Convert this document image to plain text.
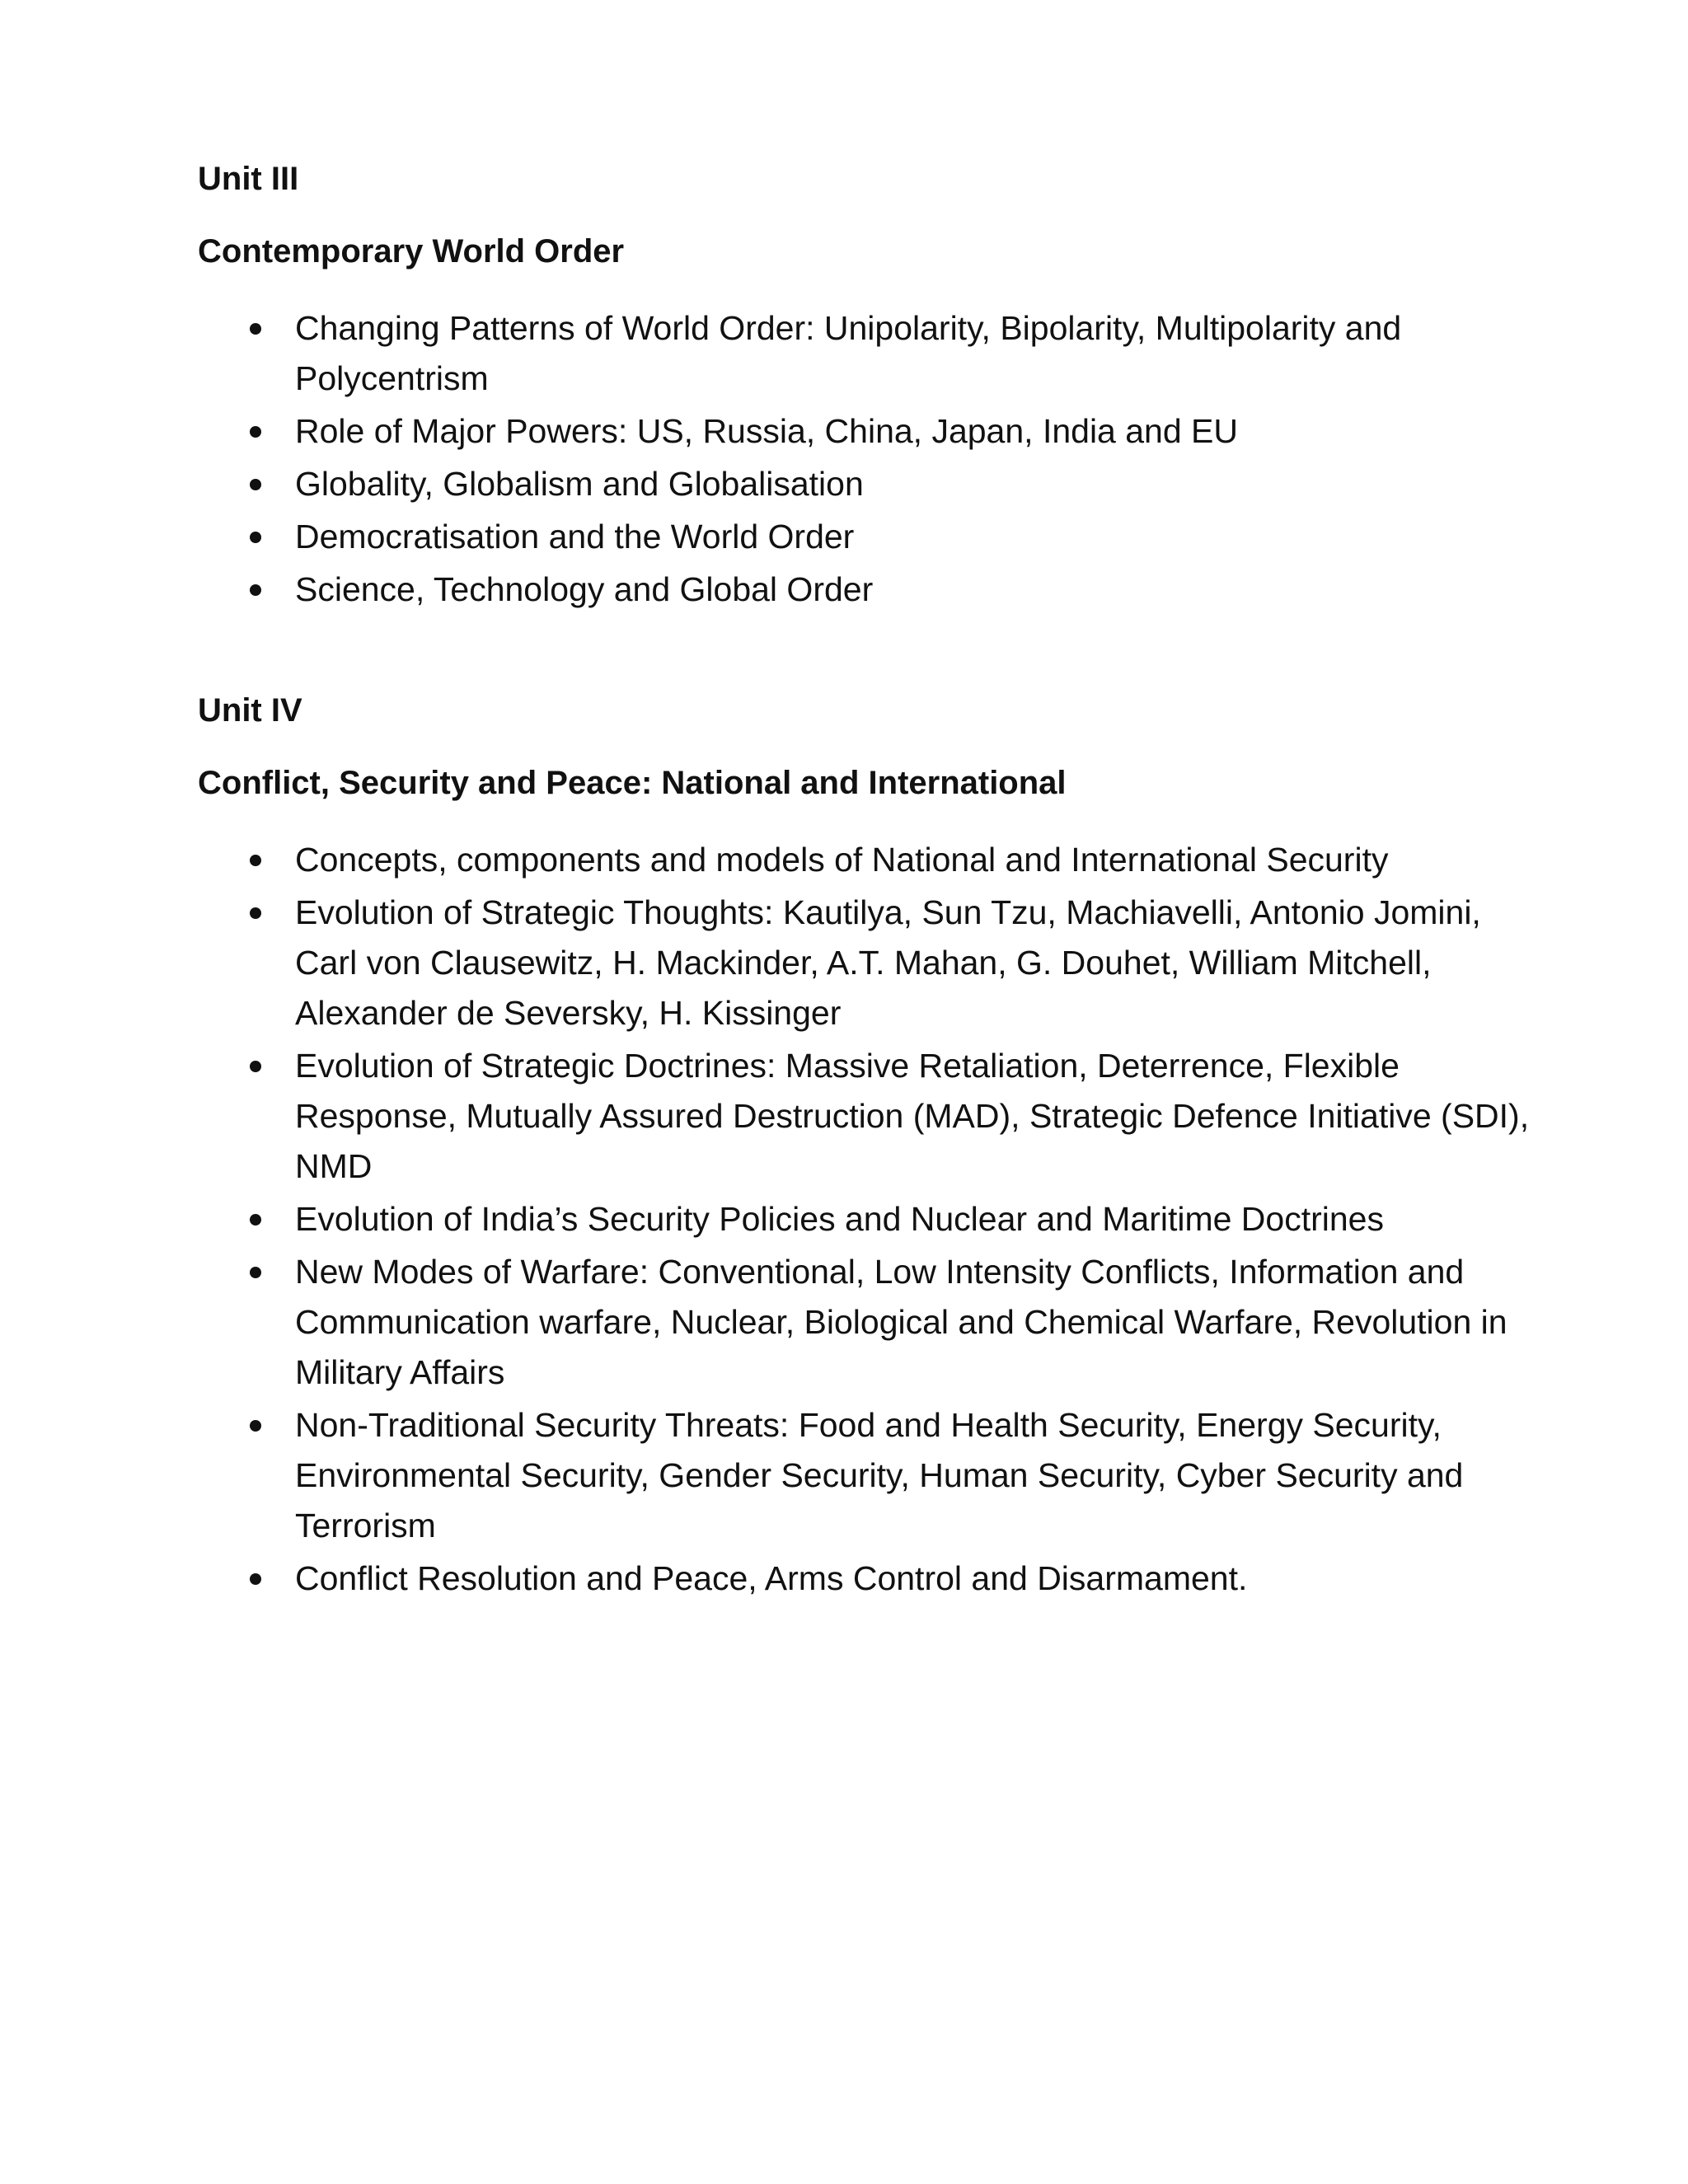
Unit III
Contemporary World Order
Changing Patterns of World Order: Unipolarity, Bipolarity, Multipolarity and Polycentrism
Role of Major Powers: US, Russia, China, Japan, India and EU
Globality, Globalism and Globalisation
Democratisation and the World Order
Science, Technology and Global Order
Unit IV
Conflict, Security and Peace: National and International
Concepts, components and models of National and International Security
Evolution of Strategic Thoughts: Kautilya, Sun Tzu, Machiavelli, Antonio Jomini, Carl von Clausewitz, H. Mackinder, A.T. Mahan, G. Douhet, William Mitchell, Alexander de Seversky, H. Kissinger
Evolution of Strategic Doctrines: Massive Retaliation, Deterrence, Flexible Response, Mutually Assured Destruction (MAD), Strategic Defence Initiative (SDI), NMD
Evolution of India’s Security Policies and Nuclear and Maritime Doctrines
New Modes of Warfare: Conventional, Low Intensity Conflicts, Information and Communication warfare, Nuclear, Biological and Chemical Warfare, Revolution in Military Affairs
Non-Traditional Security Threats: Food and Health Security, Energy Security, Environmental Security, Gender Security, Human Security, Cyber Security and Terrorism
Conflict Resolution and Peace, Arms Control and Disarmament.
